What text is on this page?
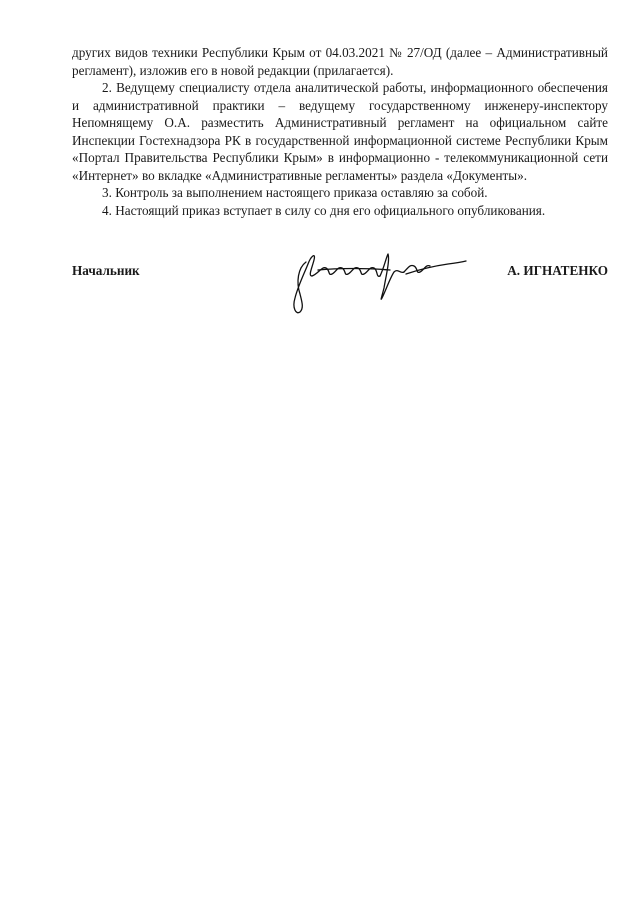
других видов техники Республики Крым от 04.03.2021 № 27/ОД (далее – Административный регламент), изложив его в новой редакции (прилагается).

2. Ведущему специалисту отдела аналитической работы, информационного обеспечения и административной практики – ведущему государственному инженеру-инспектору Непомнящему О.А. разместить Административный регламент на официальном сайте Инспекции Гостехнадзора РК в государственной информационной системе Республики Крым «Портал Правительства Республики Крым» в информационно - телекоммуникационной сети «Интернет» во вкладке «Административные регламенты» раздела «Документы».

3. Контроль за выполнением настоящего приказа оставляю за собой.

4. Настоящий приказ вступает в силу со дня его официального опубликования.

Начальник	А. ИГНАТЕНКО
